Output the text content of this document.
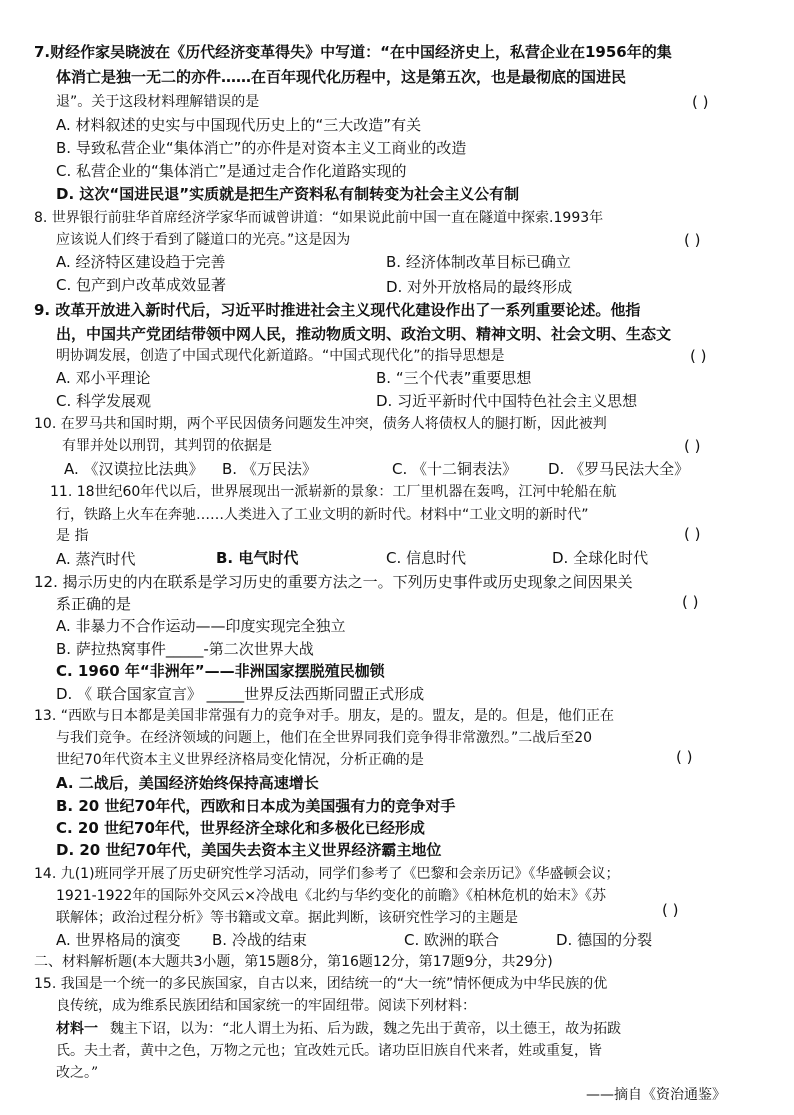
7.财经作家吴晓波在《历代经济变革得失》中写道：“在中国经济史上，私营企业在1956年的集
体消亡是独一无二的亦件……在百年现代化历程中，这是第五次，也是最彻底的国进民
退”。关于这段材料理解错误的是	( )
A. 材料叙述的史实与中国现代历史上的“三大改造”有关
B. 导致私营企业“集体消亡”的亦件是对资本主义工商业的改造
C. 私营企业的“集体消亡”是通过走合作化道路实现的
D. 这次“国进民退”实质就是把生产资料私有制转变为社会主义公有制
8. 世界银行前驻华首席经济学家华而诚曾讲道：“如果说此前中国一直在隧道中探索.1993年
应该说人们终于看到了隧道口的光亮。”这是因为	( )
A. 经济特区建设趋于完善	B. 经济体制改革目标已确立
C. 包产到户改革成效显著	D. 对外开放格局的最终形成
9. 改革开放进入新时代后，习近平时推进社会主义现代化建设作出了一系列重要论述。他指
出，中国共产党团结带领中网人民，推动物质文明、政治文明、精神文明、社会文明、生态文
明协调发展，创造了中国式现代化新道路。“中国式现代化”的指导思想是	( )
A. 邓小平理论	B. “三个代表”重要思想
C. 科学发展观	D. 习近平新时代中国特色社会主义思想
10. 在罗马共和国时期，两个平民因债务问题发生冲突，债务人将债权人的腿打断，因此被判
有罪并处以刑罚，其判罚的依据是	( )
A. 《汉谟拉比法典》 B. 《万民法》	C. 《十二铜表法》 D. 《罗马民法大全》
11. 18世纪60年代以后，世界展现出一派崭新的景象：工厂里机器在轰鸣，江河中轮船在航
行，铁路上火车在奔驰……人类进入了工业文明的新时代。材料中“工业文明的新时代”
是 指	( )
A. 蒸汽时代	B. 电气时代	C. 信息时代	D. 全球化时代
12. 揭示历史的内在联系是学习历史的重要方法之一。下列历史事件或历史现象之间因果关
系正确的是	( )
A. 非暴力不合作运动——印度实现完全独立
B. 萨拉热窝事件_____-第二次世界大战
C. 1960 年“非洲年”——非洲国家摆脱殖民枷锁
D. 《 联合国家宣言》 _____世界反法西斯同盟正式形成
13. “西欧与日本都是美国非常强有力的竞争对手。朋友，是的。盟友，是的。但是，他们正在
与我们竞争。在经济领域的问题上，他们在全世界同我们竞争得非常激烈。”二战后至20
世纪70年代资本主义世界经济格局变化情况，分析正确的是	( )
A. 二战后，美国经济始终保持高速增长
B. 20 世纪70年代，西欧和日本成为美国强有力的竞争对手
C. 20 世纪70年代，世界经济全球化和多极化已经形成
D. 20 世纪70年代，美国失去资本主义世界经济霸主地位
14. 九(1)班同学开展了历史研究性学习活动，同学们参考了《巴黎和会亲历记》《华盛顿会议；
1921-1922年的国际外交风云×冷战电《北约与华约变化的前瞻》《柏林危机的始末》《苏
联解体；政治过程分析》等书籍或文章。据此判断，该研究性学习的主题是	( )
A. 世界格局的演变 B. 冷战的结束	C. 欧洲的联合	D. 德国的分裂
二、材料解析题(本大题共3小题，第15题8分，第16题12分，第17题9分，共29分)
15. 我国是一个统一的多民族国家，自古以来，团结统一的“大一统”情怀便成为中华民族的优
良传统，成为维系民族团结和国家统一的牢固纽带。阅读下列材料：
材料一 魏主下诏，以为：“北人谓土为拓、后为跋，魏之先出于黄帝，以土德王，故为拓跋
氏。夫土者，黄中之色，万物之元也；宜改姓元氏。诸功臣旧族自代来者，姓或重复，皆
改之。”
——摘自《资治通鉴》
